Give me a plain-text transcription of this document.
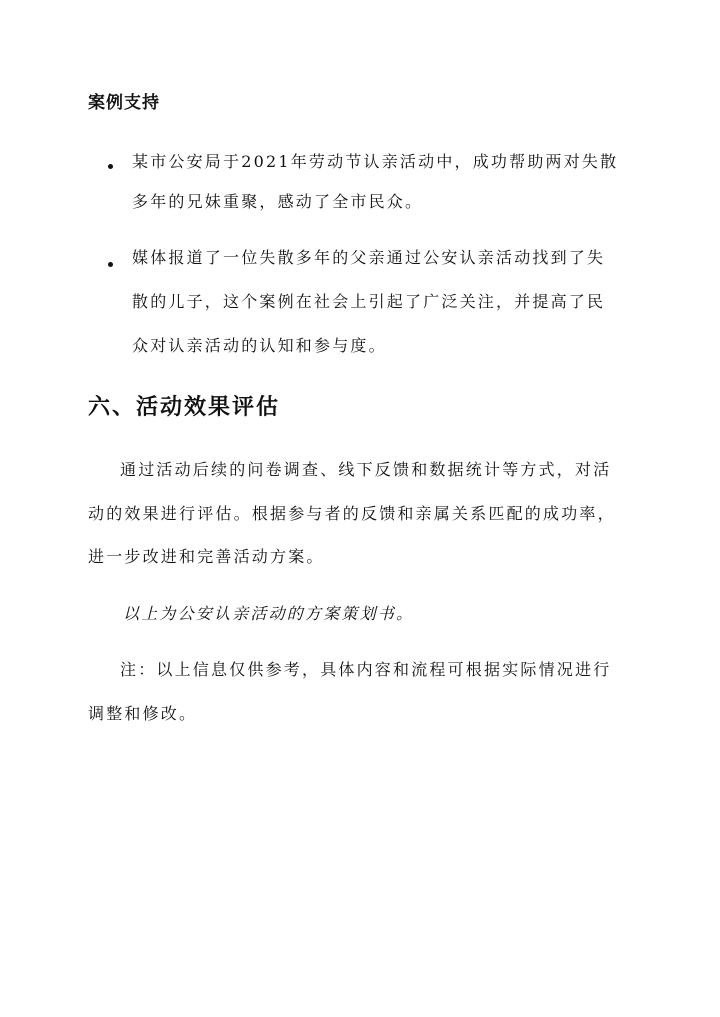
案例支持
某市公安局于2021年劳动节认亲活动中，成功帮助两对失散
多年的兄妹重聚，感动了全市民众。
媒体报道了一位失散多年的父亲通过公安认亲活动找到了失
散的儿子，这个案例在社会上引起了广泛关注，并提高了民
众对认亲活动的认知和参与度。
六、活动效果评估
通过活动后续的问卷调查、线下反馈和数据统计等方式，对活
动的效果进行评估。根据参与者的反馈和亲属关系匹配的成功率，
进一步改进和完善活动方案。
以上为公安认亲活动的方案策划书。
注：以上信息仅供参考，具体内容和流程可根据实际情况进行
调整和修改。
